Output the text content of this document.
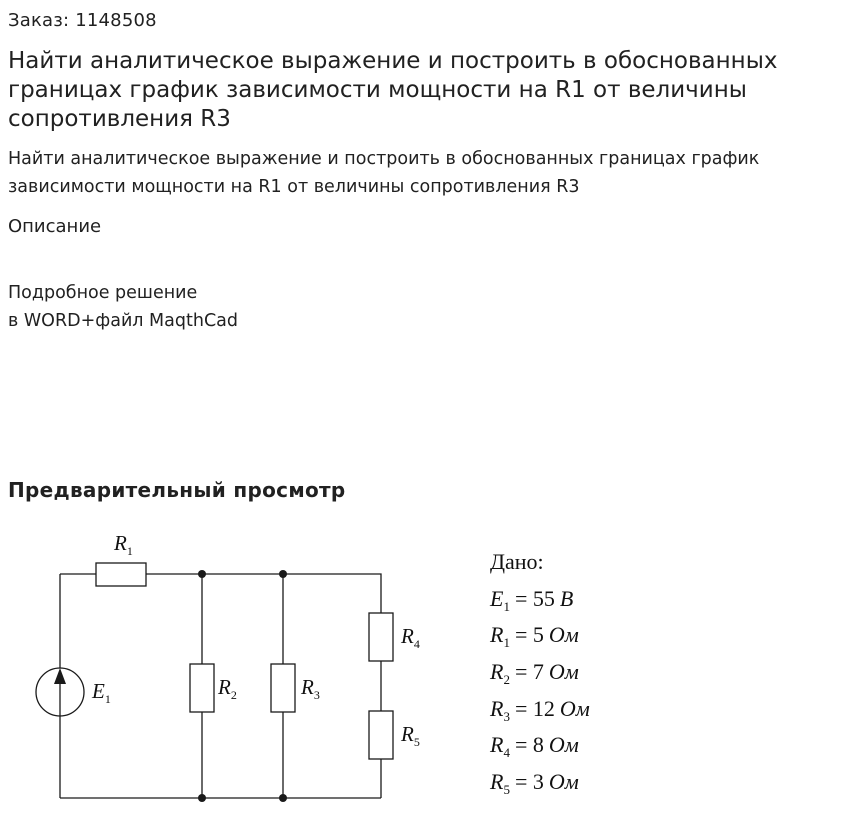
Заказ: 1148508
Найти аналитическое выражение и построить в обоснованных границах график зависимости мощности на R1 от величины сопротивления R3

Найти аналитическое выражение и построить в обоснованных границах график зависимости мощности на R1 от величины сопротивления R3

Описание
Подробное решение
в WORD+файл MaqthCad
Предварительный просмотр
$R_1$
$E_1$	$R_2$	$R_3$
$R_4$
$R_5$
Дано:
$E_1 = 55$ B
$R_1 = 5$ Ом
$R_2 = 7$ Ом
$R_3 = 12$ Ом
$R_4 = 8$ Ом
$R_5 = 3$ Ом
